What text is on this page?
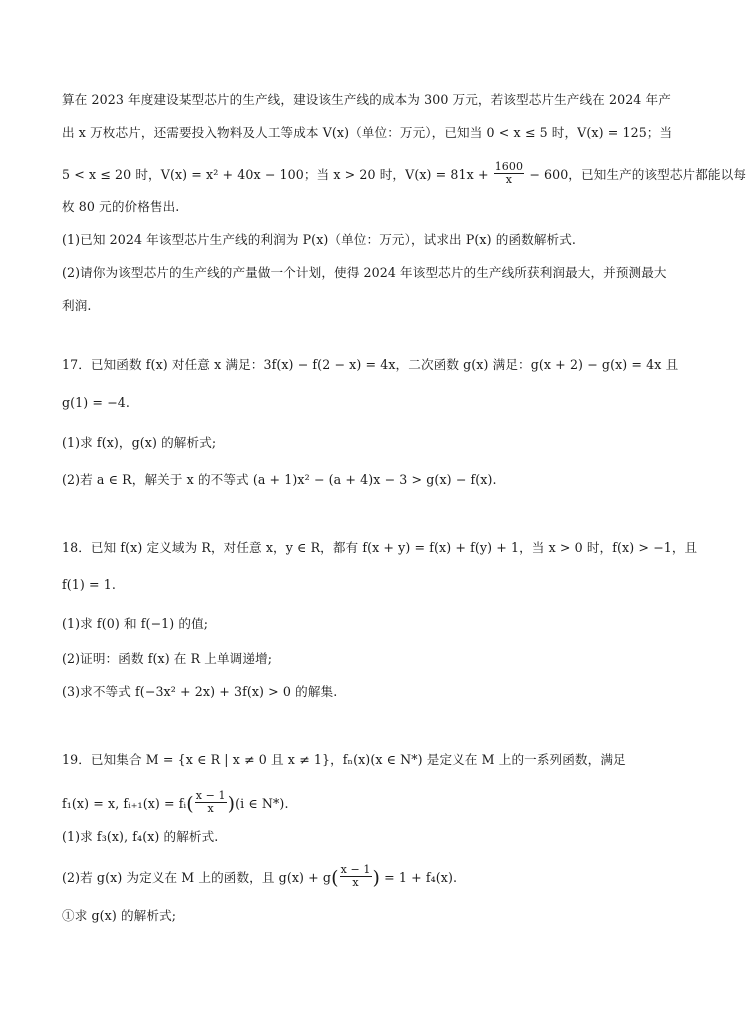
算在 2023 年度建设某型芯片的生产线，建设该生产线的成本为 300 万元，若该型芯片生产线在 2024 年产
出 x 万枚芯片，还需要投入物料及人工等成本 V(x)（单位：万元），已知当 0 < x ≤ 5 时，V(x) = 125；当
5 < x ≤ 20 时，V(x) = x² + 40x − 100；当 x > 20 时，$V(x) = 81x + \frac{1600}{x} - 600$，已知生产的该型芯片都能以每
枚 80 元的价格售出.
(1)已知 2024 年该型芯片生产线的利润为 P(x)（单位：万元），试求出 P(x) 的函数解析式.
(2)请你为该型芯片的生产线的产量做一个计划，使得 2024 年该型芯片的生产线所获利润最大，并预测最大
利润.
17．已知函数 f(x) 对任意 x 满足：3f(x) − f(2 − x) = 4x，二次函数 g(x) 满足：g(x + 2) − g(x) = 4x 且
g(1) = −4.
(1)求 f(x)，g(x) 的解析式;
(2)若 a ∈ R，解关于 x 的不等式 (a + 1)x² − (a + 4)x − 3 > g(x) − f(x).
18．已知 f(x) 定义域为 R，对任意 x，y ∈ R，都有 f(x + y) = f(x) + f(y) + 1，当 x > 0 时，f(x) > −1，且
f(1) = 1.
(1)求 f(0) 和 f(−1) 的值;
(2)证明：函数 f(x) 在 R 上单调递增;
(3)求不等式 f(−3x² + 2x) + 3f(x) > 0 的解集.
19．已知集合 M = {x ∈ R | x ≠ 0 且 x ≠ 1}，fₙ(x)(x ∈ N*) 是定义在 M 上的一系列函数，满足
f₁(x) = x, fᵢ₊₁(x) = fᵢ( $\frac{x - 1}{x} )(i$ ∈ N*).
(1)求 f₃(x), f₄(x) 的解析式.
(2)若 g(x) 为定义在 M 上的函数，且 $g(x) + g( \frac{x - 1}{x}$ ) = 1 + f₄(x).
①求 g(x) 的解析式;
